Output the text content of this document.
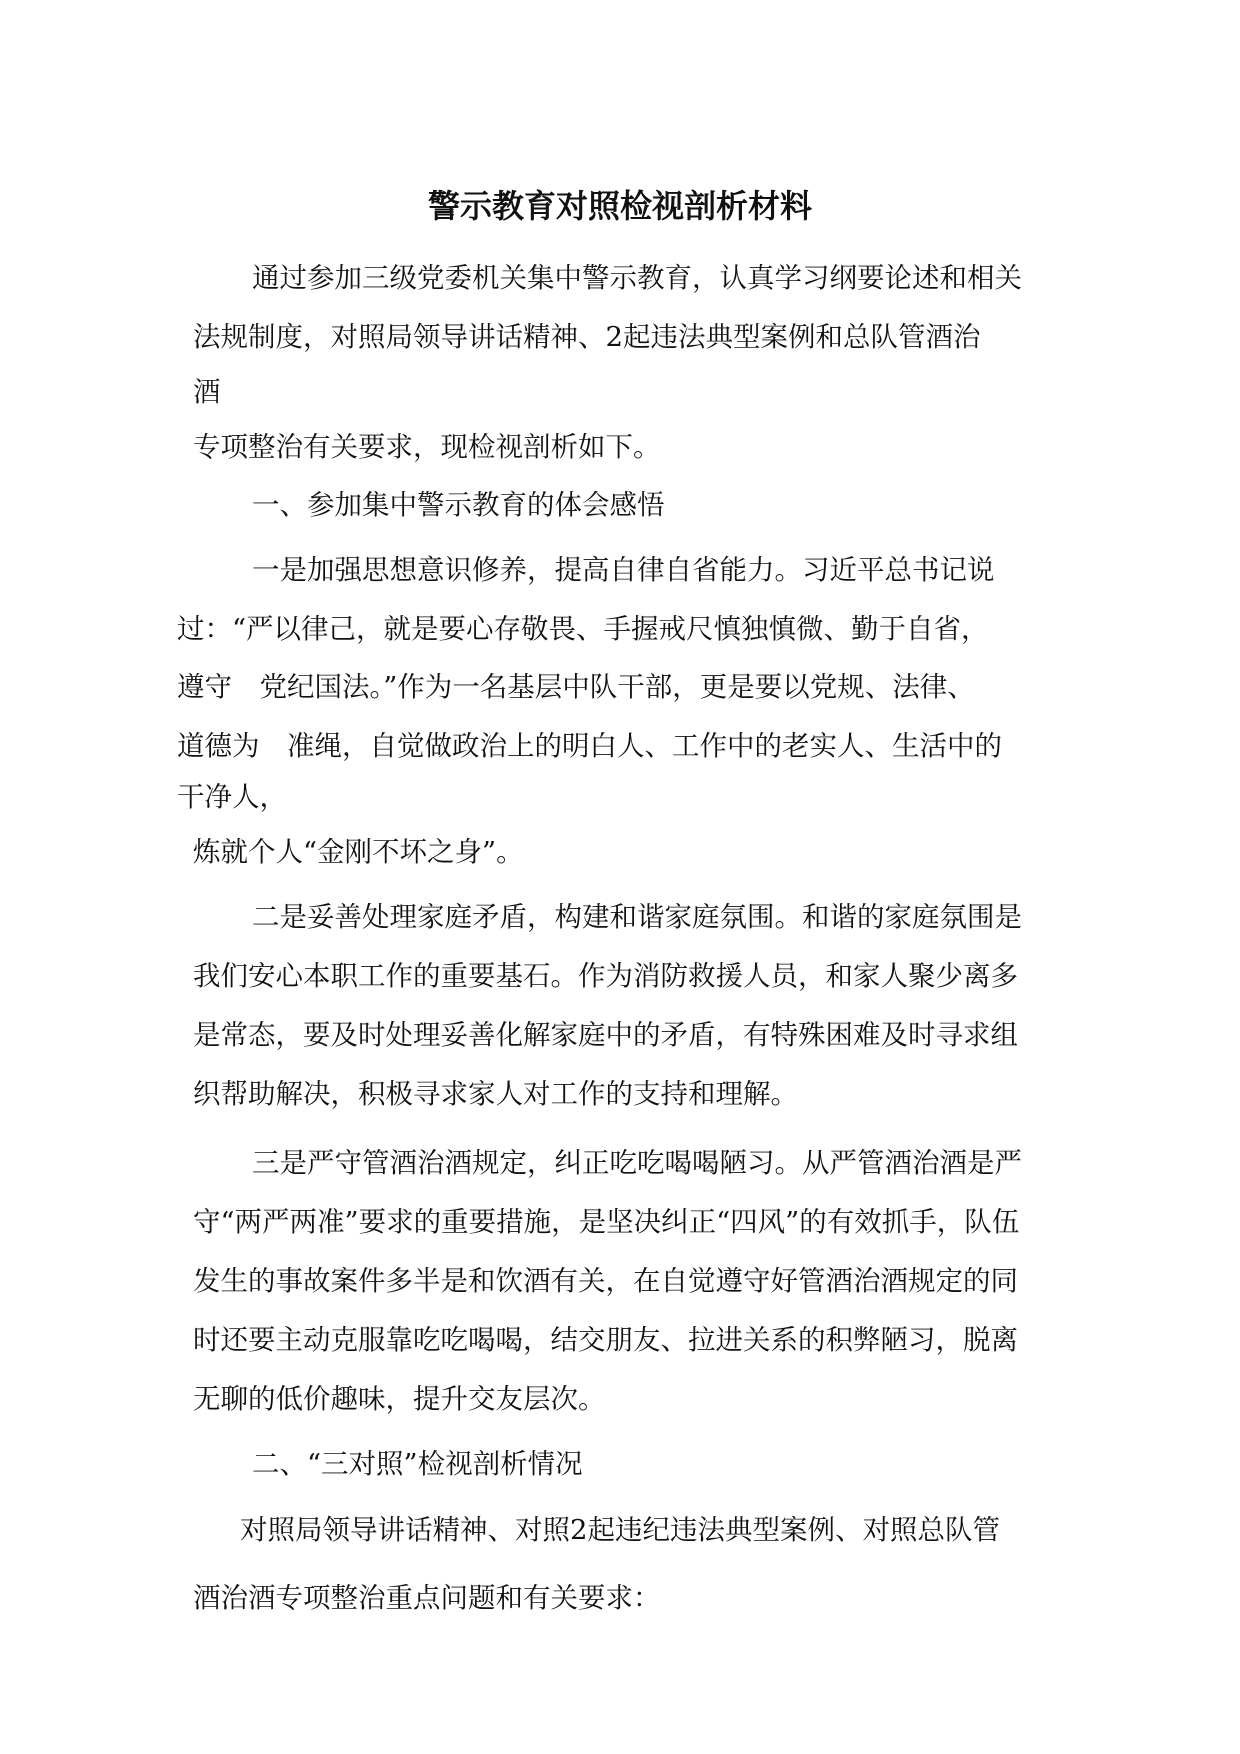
警示教育对照检视剖析材料
通过参加三级党委机关集中警示教育，认真学习纲要论述和相关
法规制度，对照局领导讲话精神、2起违法典型案例和总队管酒治
酒
专项整治有关要求，现检视剖析如下。
一、参加集中警示教育的体会感悟
一是加强思想意识修养，提高自律自省能力。习近平总书记说
过：“严以律己，就是要心存敬畏、手握戒尺慎独慎微、勤于自省，
遵守　党纪国法。”作为一名基层中队干部，更是要以党规、法律、
道德为　准绳，自觉做政治上的明白人、工作中的老实人、生活中的
干净人，
炼就个人“金刚不坏之身”。
二是妥善处理家庭矛盾，构建和谐家庭氛围。和谐的家庭氛围是
我们安心本职工作的重要基石。作为消防救援人员，和家人聚少离多
是常态，要及时处理妥善化解家庭中的矛盾，有特殊困难及时寻求组
织帮助解决，积极寻求家人对工作的支持和理解。
三是严守管酒治酒规定，纠正吃吃喝喝陋习。从严管酒治酒是严
守“两严两准”要求的重要措施，是坚决纠正“四风”的有效抓手，队伍
发生的事故案件多半是和饮酒有关，在自觉遵守好管酒治酒规定的同
时还要主动克服靠吃吃喝喝，结交朋友、拉进关系的积弊陋习，脱离
无聊的低价趣味，提升交友层次。
二、“三对照”检视剖析情况
对照局领导讲话精神、对照2起违纪违法典型案例、对照总队管
酒治酒专项整治重点问题和有关要求：
